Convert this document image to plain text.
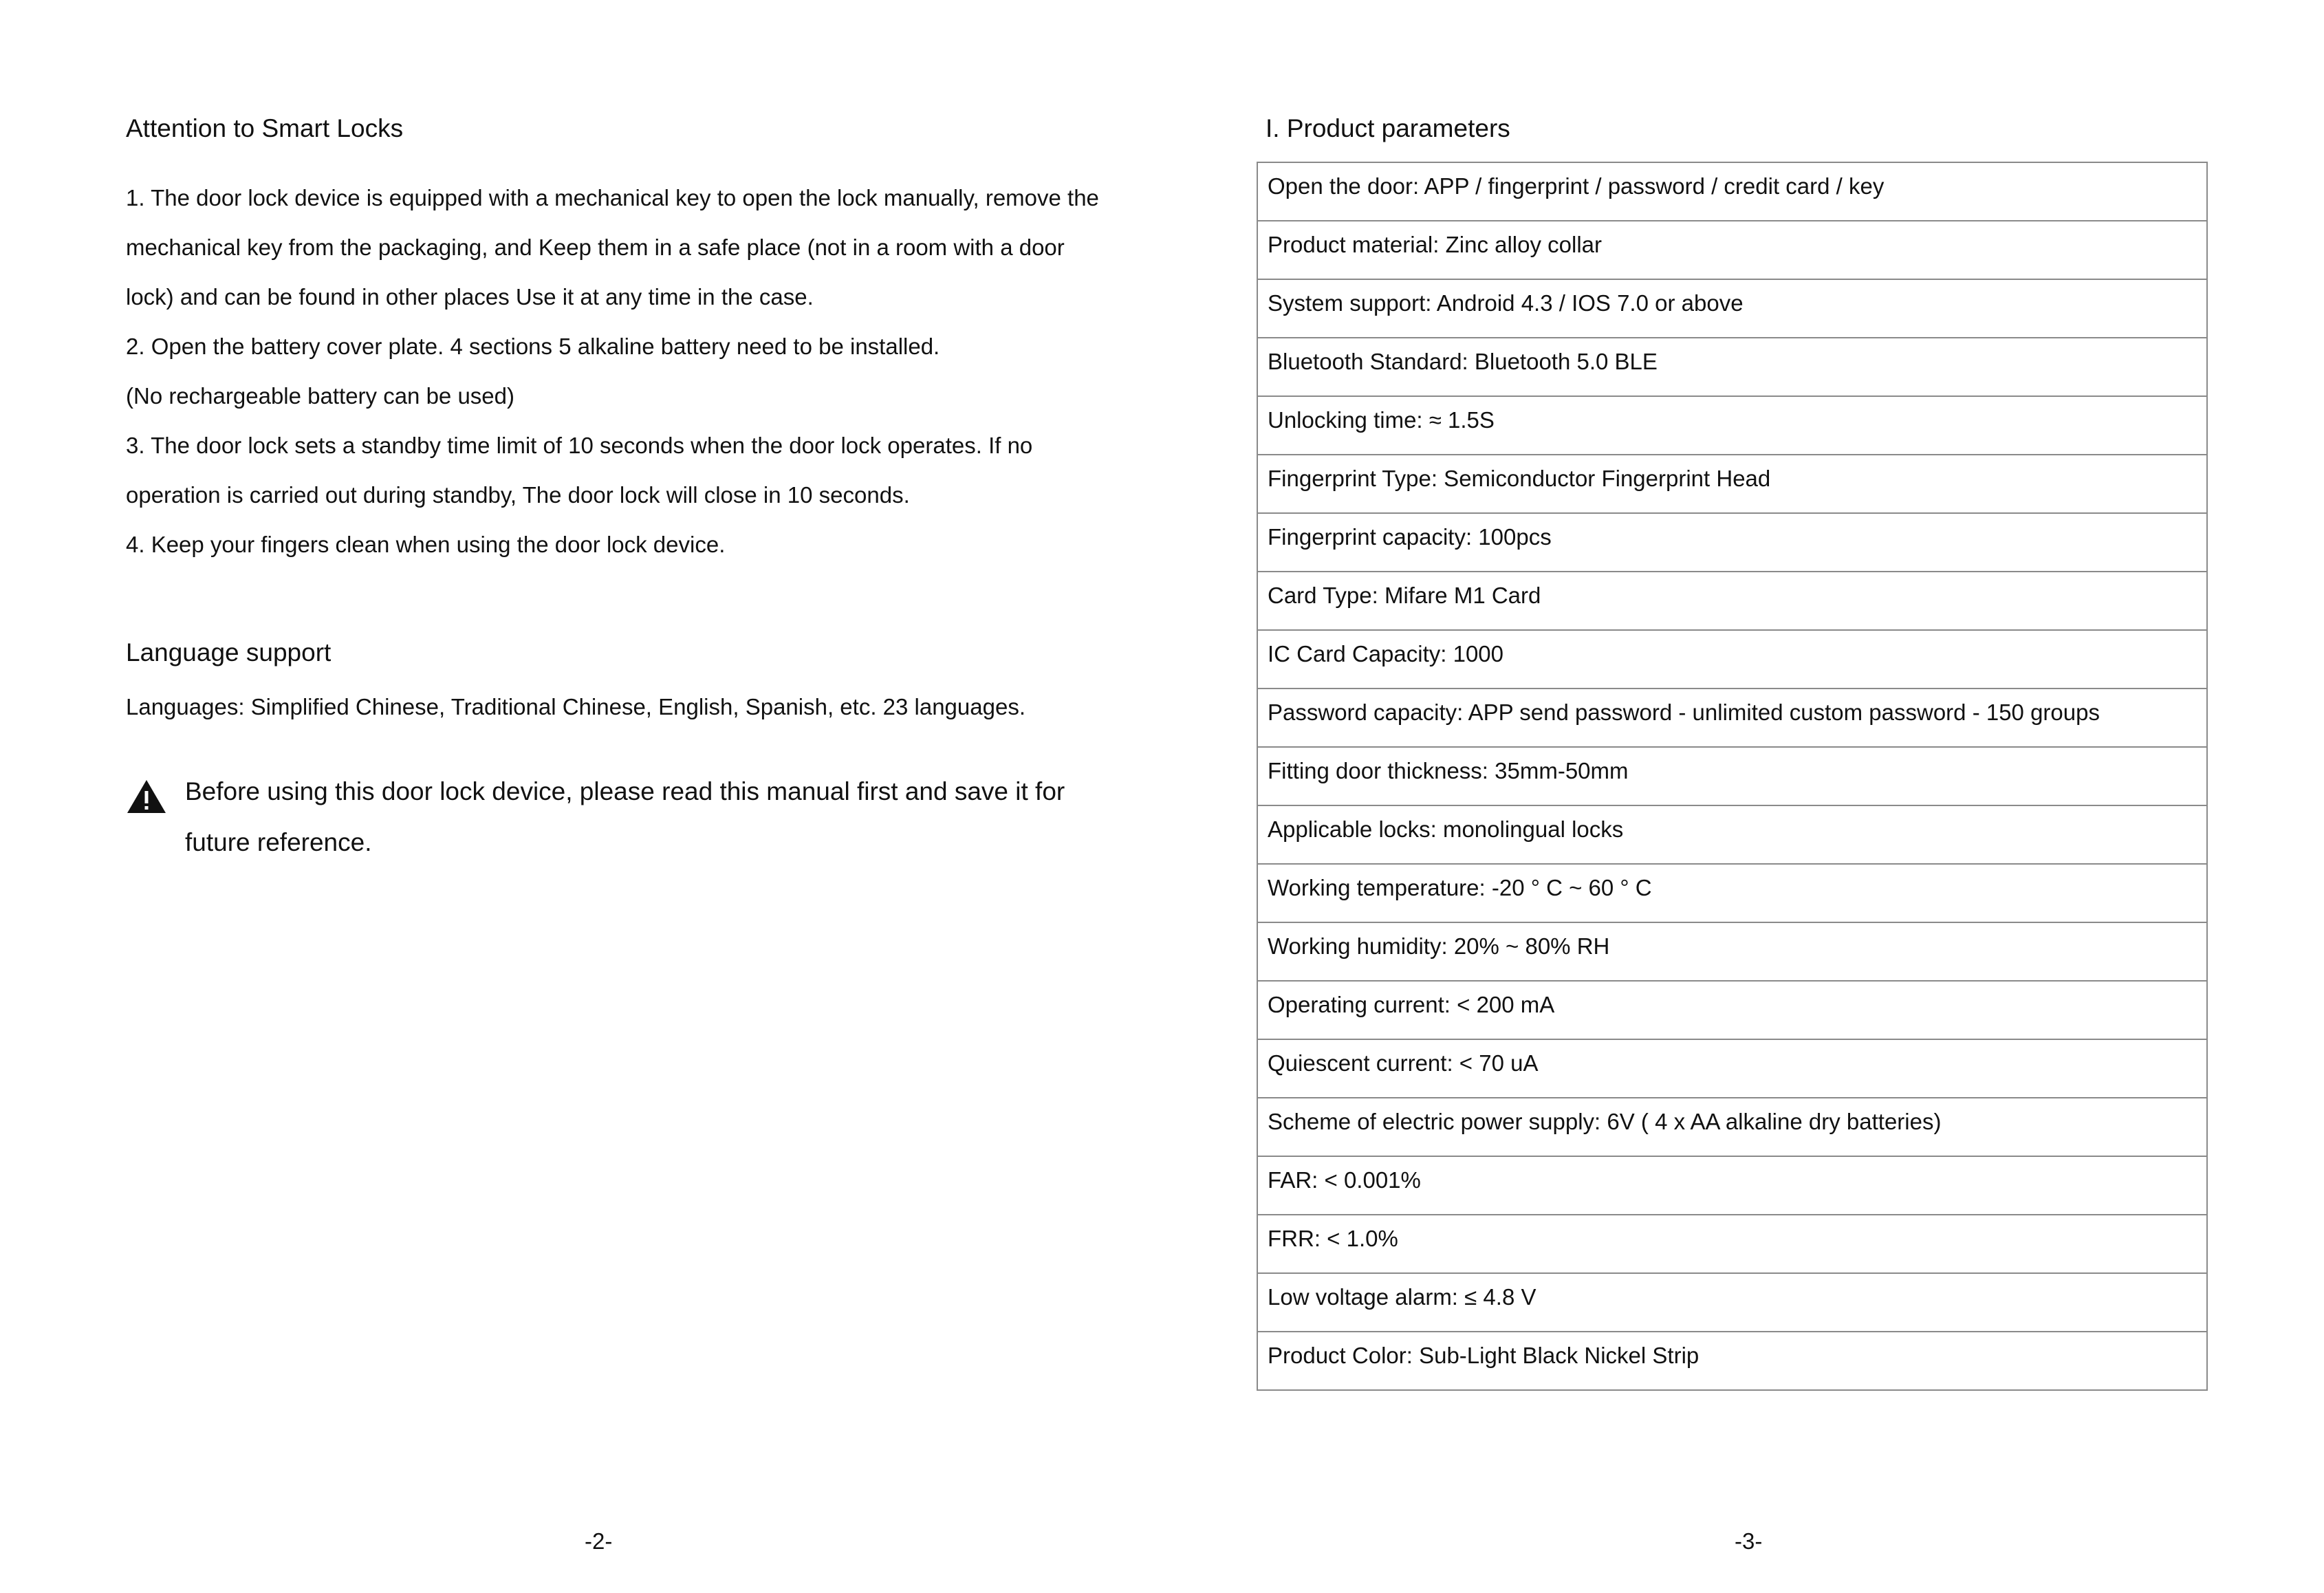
Attention to Smart Locks

1. The door lock device is equipped with a mechanical key to open the lock manually, remove the mechanical key from the packaging, and Keep them in a safe place (not in a room with a door lock) and can be found in other places Use it at any time in the case.

2. Open the battery cover plate. 4 sections 5 alkaline battery need to be installed.

(No rechargeable battery can be used)

3. The door lock sets a standby time limit of 10 seconds when the door lock operates. If no operation is carried out during standby, The door lock will close in 10 seconds.

4. Keep your fingers clean when using the door lock device.

Language support

Languages: Simplified Chinese, Traditional Chinese, English, Spanish, etc. 23 languages.

Before using this door lock device, please read this manual first and save it for future reference.

-2-
I. Product parameters
Open the door: APP / fingerprint / password / credit card / key
Product material: Zinc alloy collar
System support: Android 4.3 / IOS 7.0 or above
Bluetooth Standard: Bluetooth 5.0 BLE
Unlocking time: ≈ 1.5S
Fingerprint Type: Semiconductor Fingerprint Head
Fingerprint capacity: 100pcs
Card Type: Mifare M1 Card
IC Card Capacity: 1000
Password capacity: APP send password - unlimited custom password - 150 groups
Fitting door thickness: 35mm-50mm
Applicable locks: monolingual locks
Working temperature: -20 ° C ~ 60 ° C
Working humidity: 20% ~ 80% RH
Operating current: < 200 mA
Quiescent current: < 70 uA
Scheme of electric power supply: 6V ( 4 x AA alkaline dry batteries)
FAR: < 0.001%
FRR: < 1.0%
Low voltage alarm: ≤ 4.8 V
Product Color: Sub-Light Black Nickel Strip
-3-
